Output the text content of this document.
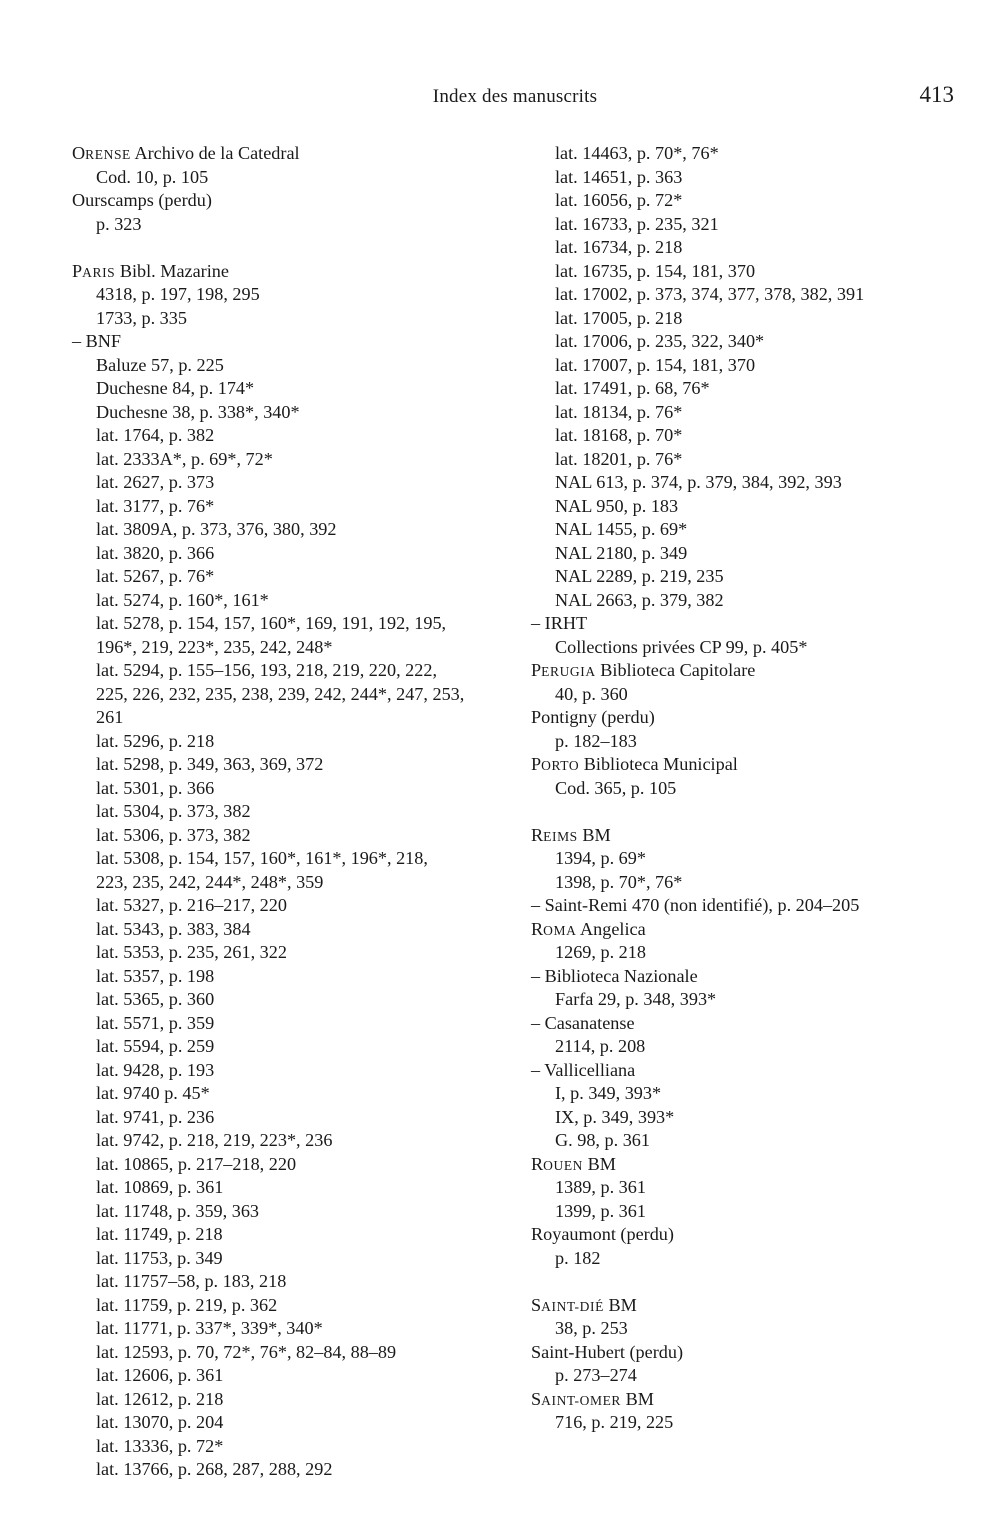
Index des manuscrits	413
ORENSE Archivo de la Catedral
Cod. 10, p. 105
Ourscamps (perdu)
p. 323
PARIS Bibl. Mazarine
4318, p. 197, 198, 295
1733, p. 335
– BNF
Baluze 57, p. 225
Duchesne 84, p. 174*
Duchesne 38, p. 338*, 340*
lat. 1764, p. 382
lat. 2333A*, p. 69*, 72*
lat. 2627, p. 373
lat. 3177, p. 76*
lat. 3809A, p. 373, 376, 380, 392
lat. 3820, p. 366
lat. 5267, p. 76*
lat. 5274, p. 160*, 161*
lat. 5278, p. 154, 157, 160*, 169, 191, 192, 195,
196*, 219, 223*, 235, 242, 248*
lat. 5294, p. 155–156, 193, 218, 219, 220, 222,
225, 226, 232, 235, 238, 239, 242, 244*, 247, 253,
261
lat. 5296, p. 218
lat. 5298, p. 349, 363, 369, 372
lat. 5301, p. 366
lat. 5304, p. 373, 382
lat. 5306, p. 373, 382
lat. 5308, p. 154, 157, 160*, 161*, 196*, 218,
223, 235, 242, 244*, 248*, 359
lat. 5327, p. 216–217, 220
lat. 5343, p. 383, 384
lat. 5353, p. 235, 261, 322
lat. 5357, p. 198
lat. 5365, p. 360
lat. 5571, p. 359
lat. 5594, p. 259
lat. 9428, p. 193
lat. 9740 p. 45*
lat. 9741, p. 236
lat. 9742, p. 218, 219, 223*, 236
lat. 10865, p. 217–218, 220
lat. 10869, p. 361
lat. 11748, p. 359, 363
lat. 11749, p. 218
lat. 11753, p. 349
lat. 11757–58, p. 183, 218
lat. 11759, p. 219, p. 362
lat. 11771, p. 337*, 339*, 340*
lat. 12593, p. 70, 72*, 76*, 82–84, 88–89
lat. 12606, p. 361
lat. 12612, p. 218
lat. 13070, p. 204
lat. 13336, p. 72*
lat. 13766, p. 268, 287, 288, 292
lat. 14463, p. 70*, 76*
lat. 14651, p. 363
lat. 16056, p. 72*
lat. 16733, p. 235, 321
lat. 16734, p. 218
lat. 16735, p. 154, 181, 370
lat. 17002, p. 373, 374, 377, 378, 382, 391
lat. 17005, p. 218
lat. 17006, p. 235, 322, 340*
lat. 17007, p. 154, 181, 370
lat. 17491, p. 68, 76*
lat. 18134, p. 76*
lat. 18168, p. 70*
lat. 18201, p. 76*
NAL 613, p. 374, p. 379, 384, 392, 393
NAL 950, p. 183
NAL 1455, p. 69*
NAL 2180, p. 349
NAL 2289, p. 219, 235
NAL 2663, p. 379, 382
– IRHT
Collections privées CP 99, p. 405*
PERUGIA Biblioteca Capitolare
40, p. 360
Pontigny (perdu)
p. 182–183
PORTO Biblioteca Municipal
Cod. 365, p. 105
REIMS BM
1394, p. 69*
1398, p. 70*, 76*
– Saint-Remi 470 (non identifié), p. 204–205
ROMA Angelica
1269, p. 218
– Biblioteca Nazionale
Farfa 29, p. 348, 393*
– Casanatense
2114, p. 208
– Vallicelliana
I, p. 349, 393*
IX, p. 349, 393*
G. 98, p. 361
ROUEN BM
1389, p. 361
1399, p. 361
Royaumont (perdu)
p. 182
SAINT-DIÉ BM
38, p. 253
Saint-Hubert (perdu)
p. 273–274
SAINT-OMER BM
716, p. 219, 225
